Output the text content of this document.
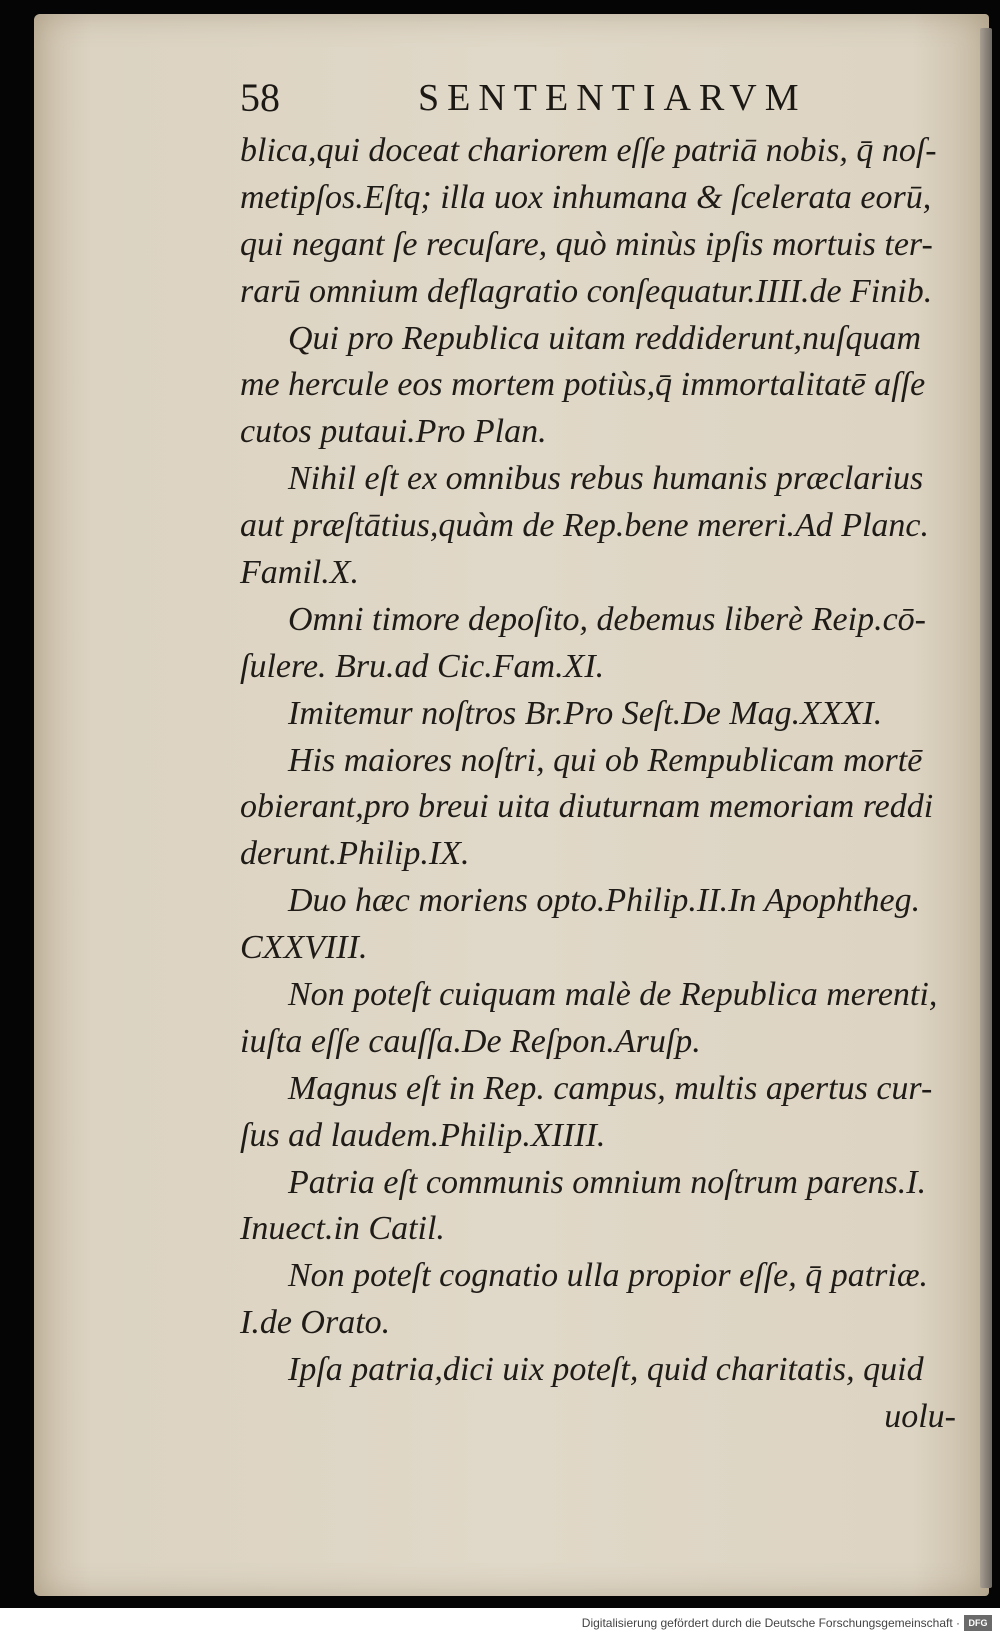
58	SENTENTIARVM
blica,qui doceat chariorem eſſe patriā nobis, q̄ noſ-
metipſos.Eſtq; illa uox inhumana & ſcelerata eorū,
qui negant ſe recuſare, quò minùs ipſis mortuis ter-
rarū omnium deflagratio conſequatur.IIII.de Finib.
Qui pro Republica uitam reddiderunt,nuſquam
me hercule eos mortem potiùs,q̄ immortalitatē aſſe
cutos putaui.Pro Plan.
Nihil eſt ex omnibus rebus humanis præclarius
aut præſtātius,quàm de Rep.bene mereri.Ad Planc.
Famil.X.
Omni timore depoſito, debemus liberè Reip.cō-
ſulere. Bru.ad Cic.Fam.XI.
Imitemur noſtros Br.Pro Seſt.De Mag.XXXI.
His maiores noſtri, qui ob Rempublicam mortē
obierant,pro breui uita diuturnam memoriam reddi
derunt.Philip.IX.
Duo hæc moriens opto.Philip.II.In Apophtheg.
CXXVIII.
Non poteſt cuiquam malè de Republica merenti,
iuſta eſſe cauſſa.De Reſpon.Aruſp.
Magnus eſt in Rep. campus, multis apertus cur-
ſus ad laudem.Philip.XIIII.
Patria eſt communis omnium noſtrum parens.I.
Inuect.in Catil.
Non poteſt cognatio ulla propior eſſe, q̄ patriæ.
I.de Orato.
Ipſa patria,dici uix poteſt, quid charitatis, quid
uolu-
Digitalisierung gefördert durch die Deutsche Forschungsgemeinschaft · DFG
